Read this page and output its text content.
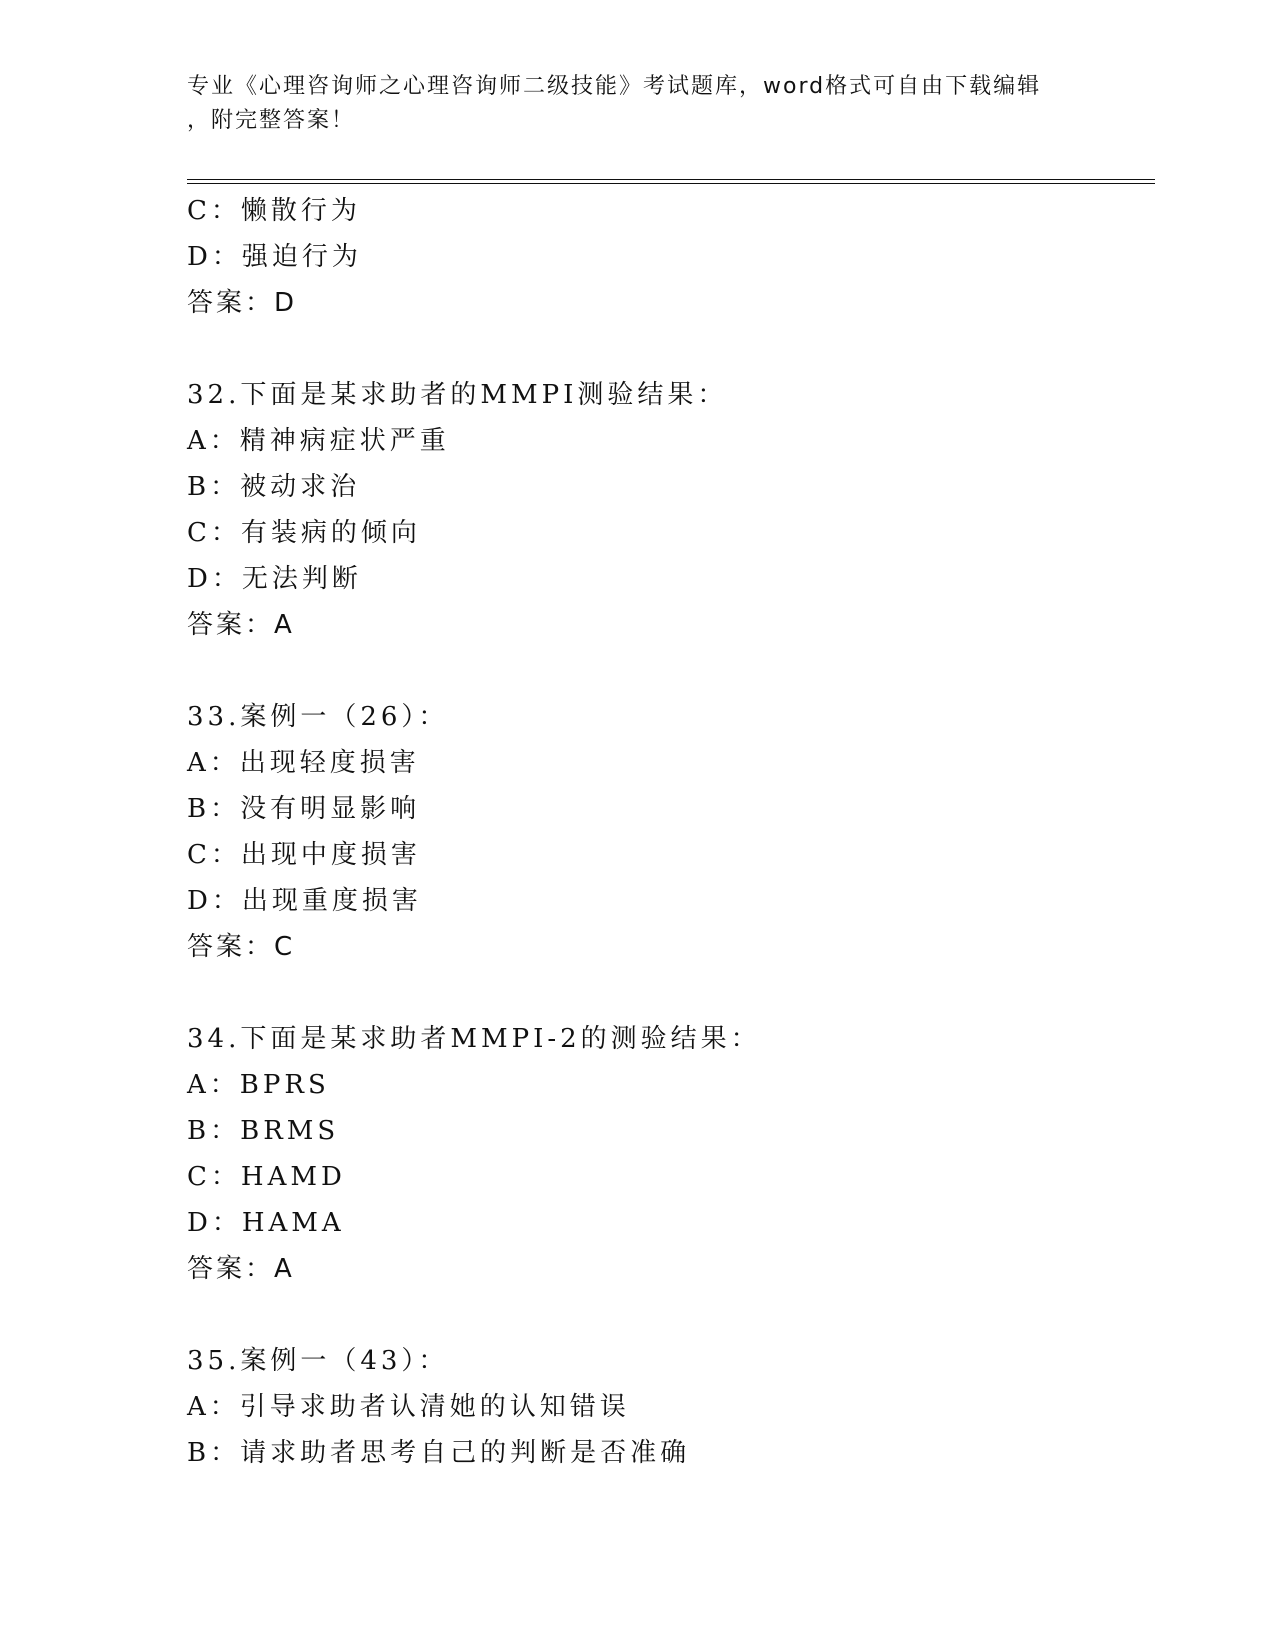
专业《心理咨询师之心理咨询师二级技能》考试题库，word格式可自由下载编辑
，附完整答案！
C：懒散行为
D：强迫行为
答案：D
32.下面是某求助者的MMPI测验结果：
A：精神病症状严重
B：被动求治
C：有装病的倾向
D：无法判断
答案：A
33.案例一（26）：
A：出现轻度损害
B：没有明显影响
C：出现中度损害
D：出现重度损害
答案：C
34.下面是某求助者MMPI-2的测验结果：
A：BPRS
B：BRMS
C：HAMD
D：HAMA
答案：A
35.案例一（43）：
A：引导求助者认清她的认知错误
B：请求助者思考自己的判断是否准确
